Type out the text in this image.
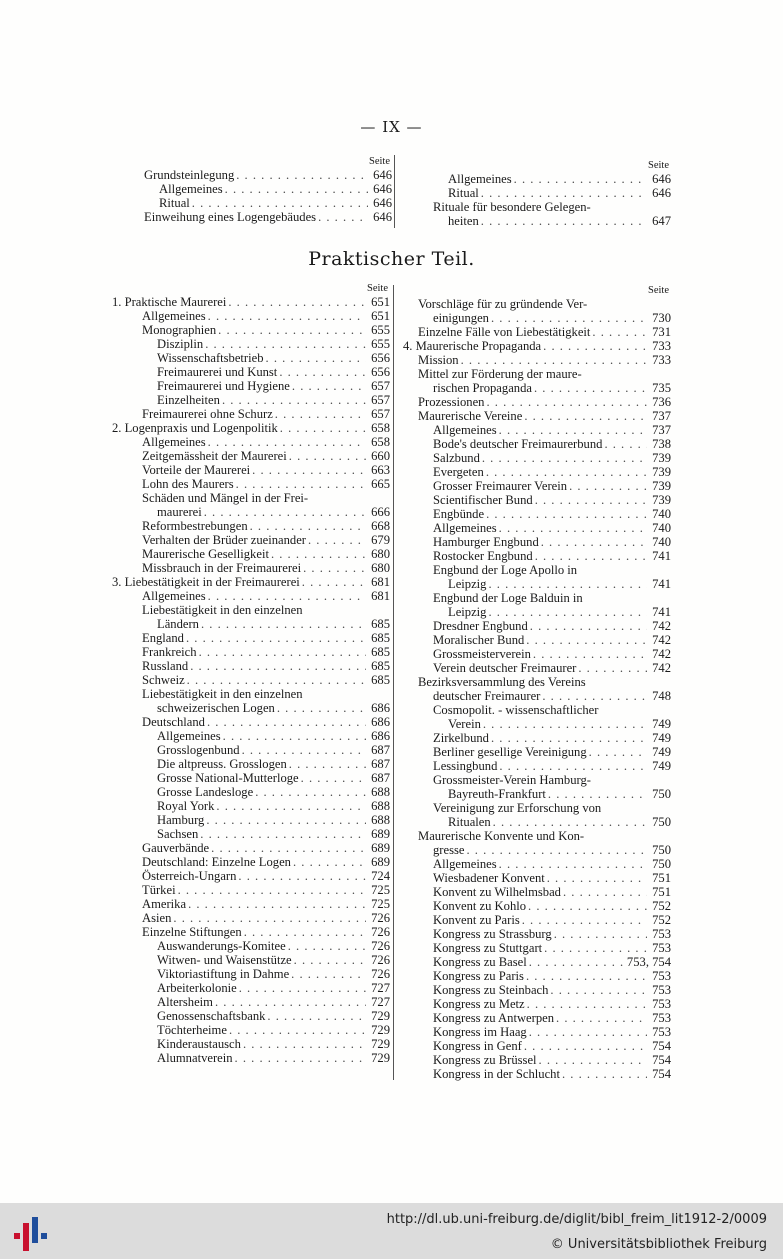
— IX —
Seite
Grundsteinlegung . . .	646
Allgemeines . . .	646
Ritual . . .	646
Einweihung eines Logengebäudes . . .	646
Seite
Allgemeines . . .	646
Ritual . . .	646
Rituale für besondere Gelegen-
heiten . . .	647
Praktischer Teil.
Seite
1. Praktische Maurerei . . .	651
Allgemeines . . .	651
Monographien . . .	655
Disziplin . . .	655
Wissenschaftsbetrieb . . .	656
Freimaurerei und Kunst . . .	656
Freimaurerei und Hygiene . . .	657
Einzelheiten . . .	657
Freimaurerei ohne Schurz . . .	657
2. Logenpraxis und Logenpolitik . . .	658
Allgemeines . . .	658
Zeitgemässheit der Maurerei . . .	660
Vorteile der Maurerei . . .	663
Lohn des Maurers . . .	665
Schäden und Mängel in der Frei-
maurerei . . .	666
Reformbestrebungen . . .	668
Verhalten der Brüder zueinander . . .	679
Maurerische Geselligkeit . . .	680
Missbrauch in der Freimaurerei . . .	680
3. Liebestätigkeit in der Freimaurerei . . .	681
Allgemeines . . .	681
Liebestätigkeit in den einzelnen
Ländern . . .	685
England . . .	685
Frankreich . . .	685
Russland . . .	685
Schweiz . . .	685
Liebestätigkeit in den einzelnen
schweizerischen Logen . . .	686
Deutschland . . .	686
Allgemeines . . .	686
Grosslogenbund . . .	687
Die altpreuss. Grosslogen . . .	687
Grosse National-Mutterloge . . .	687
Grosse Landesloge . . .	688
Royal York . . .	688
Hamburg . . .	688
Sachsen . . .	689
Gauverbände . . .	689
Deutschland: Einzelne Logen . . .	689
Österreich-Ungarn . . .	724
Türkei . . .	725
Amerika . . .	725
Asien . . .	726
Einzelne Stiftungen . . .	726
Auswanderungs-Komitee . . .	726
Witwen- und Waisenstütze . . .	726
Viktoriastiftung in Dahme . . .	726
Arbeiterkolonie . . .	727
Altersheim . . .	727
Genossenschaftsbank . . .	729
Töchterheime . . .	729
Kinderaustausch . . .	729
Alumnatverein . . .	729
Seite
Vorschläge für zu gründende Ver-
einigungen . . .	730
Einzelne Fälle von Liebestätigkeit . . .	731
4. Maurerische Propaganda . . .	733
Mission . . .	733
Mittel zur Förderung der maure-
rischen Propaganda . . .	735
Prozessionen . . .	736
Maurerische Vereine . . .	737
Allgemeines . . .	737
Bode's deutscher Freimaurerbund . . .	738
Salzbund . . .	739
Evergeten . . .	739
Grosser Freimaurer Verein . . .	739
Scientifischer Bund . . .	739
Engbünde . . .	740
Allgemeines . . .	740
Hamburger Engbund . . .	740
Rostocker Engbund . . .	741
Engbund der Loge Apollo in
Leipzig . . .	741
Engbund der Loge Balduin in
Leipzig . . .	741
Dresdner Engbund . . .	742
Moralischer Bund . . .	742
Grossmeisterverein . . .	742
Verein deutscher Freimaurer . . .	742
Bezirksversammlung des Vereins
deutscher Freimaurer . . .	748
Cosmopolit. - wissenschaftlicher
Verein . . .	749
Zirkelbund . . .	749
Berliner gesellige Vereinigung . . .	749
Lessingbund . . .	749
Grossmeister-Verein Hamburg-
Bayreuth-Frankfurt . . .	750
Vereinigung zur Erforschung von
Ritualen . . .	750
Maurerische Konvente und Kon-
gresse . . .	750
Allgemeines . . .	750
Wiesbadener Konvent . . .	751
Konvent zu Wilhelmsbad . . .	751
Konvent zu Kohlo . . .	752
Konvent zu Paris . . .	752
Kongress zu Strassburg . . .	753
Kongress zu Stuttgart . . .	753
Kongress zu Basel . . .	753, 754
Kongress zu Paris . . .	753
Kongress zu Steinbach . . .	753
Kongress zu Metz . . .	753
Kongress zu Antwerpen . . .	753
Kongress im Haag . . .	753
Kongress in Genf . . .	754
Kongress zu Brüssel . . .	754
Kongress in der Schlucht . . .	754
http://dl.ub.uni-freiburg.de/diglit/bibl_freim_lit1912-2/0009
© Universitätsbibliothek Freiburg
